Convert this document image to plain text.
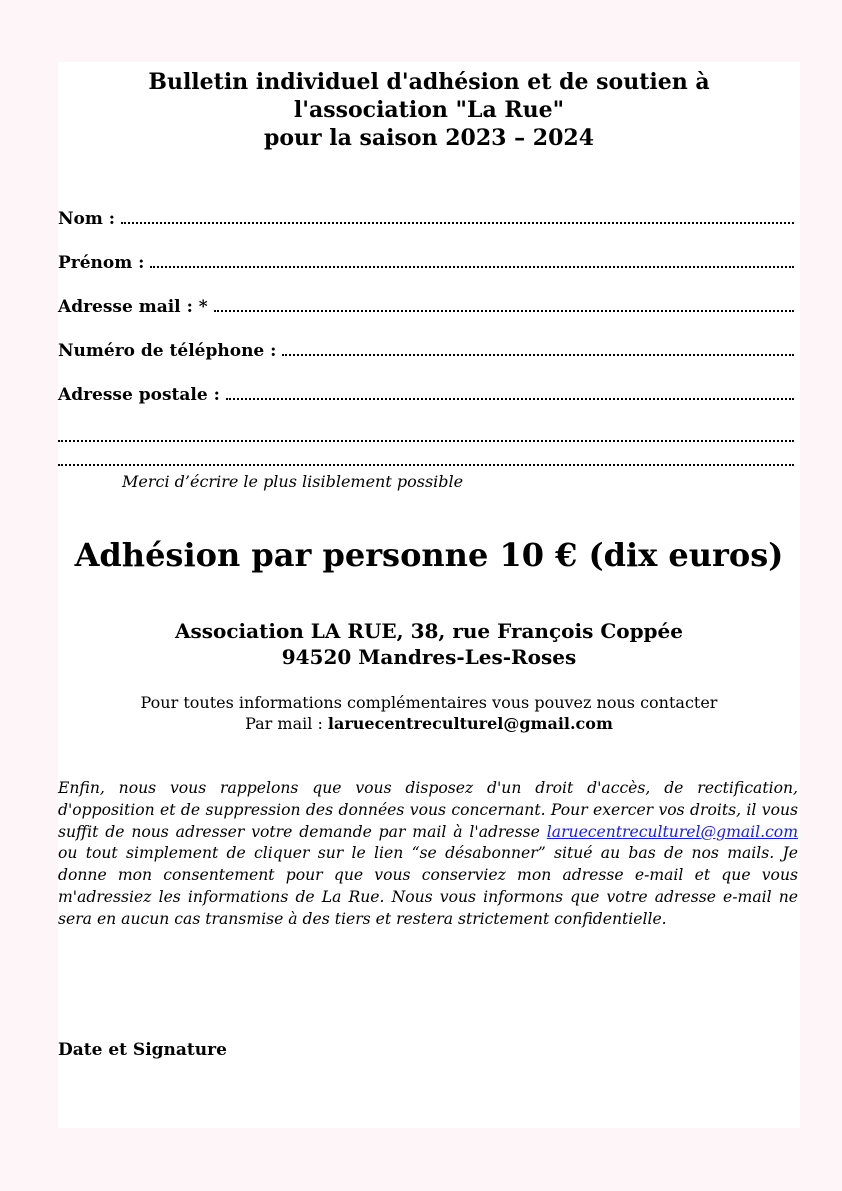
Bulletin individuel d'adhésion et de soutien à
l'association "La Rue"
pour la saison 2023 – 2024
Nom :
Prénom :
Adresse mail : *
Numéro de téléphone :
Adresse postale :
Merci d’écrire le plus lisiblement possible
Adhésion par personne 10 € (dix euros)
Association LA RUE, 38, rue François Coppée
94520 Mandres-Les-Roses
Pour toutes informations complémentaires vous pouvez nous contacter
Par mail : laruecentreculturel@gmail.com
Enfin, nous vous rappelons que vous disposez d'un droit d'accès, de rectification, d'opposition et de suppression des données vous concernant. Pour exercer vos droits, il vous suffit de nous adresser votre demande par mail à l'adresse laruecentreculturel@gmail.com ou tout simplement de cliquer sur le lien “se désabonner” situé au bas de nos mails. Je donne mon consentement pour que vous conserviez mon adresse e-mail et que vous m'adressiez les informations de La Rue. Nous vous informons que votre adresse e-mail ne sera en aucun cas transmise à des tiers et restera strictement confidentielle.
Date et Signature
